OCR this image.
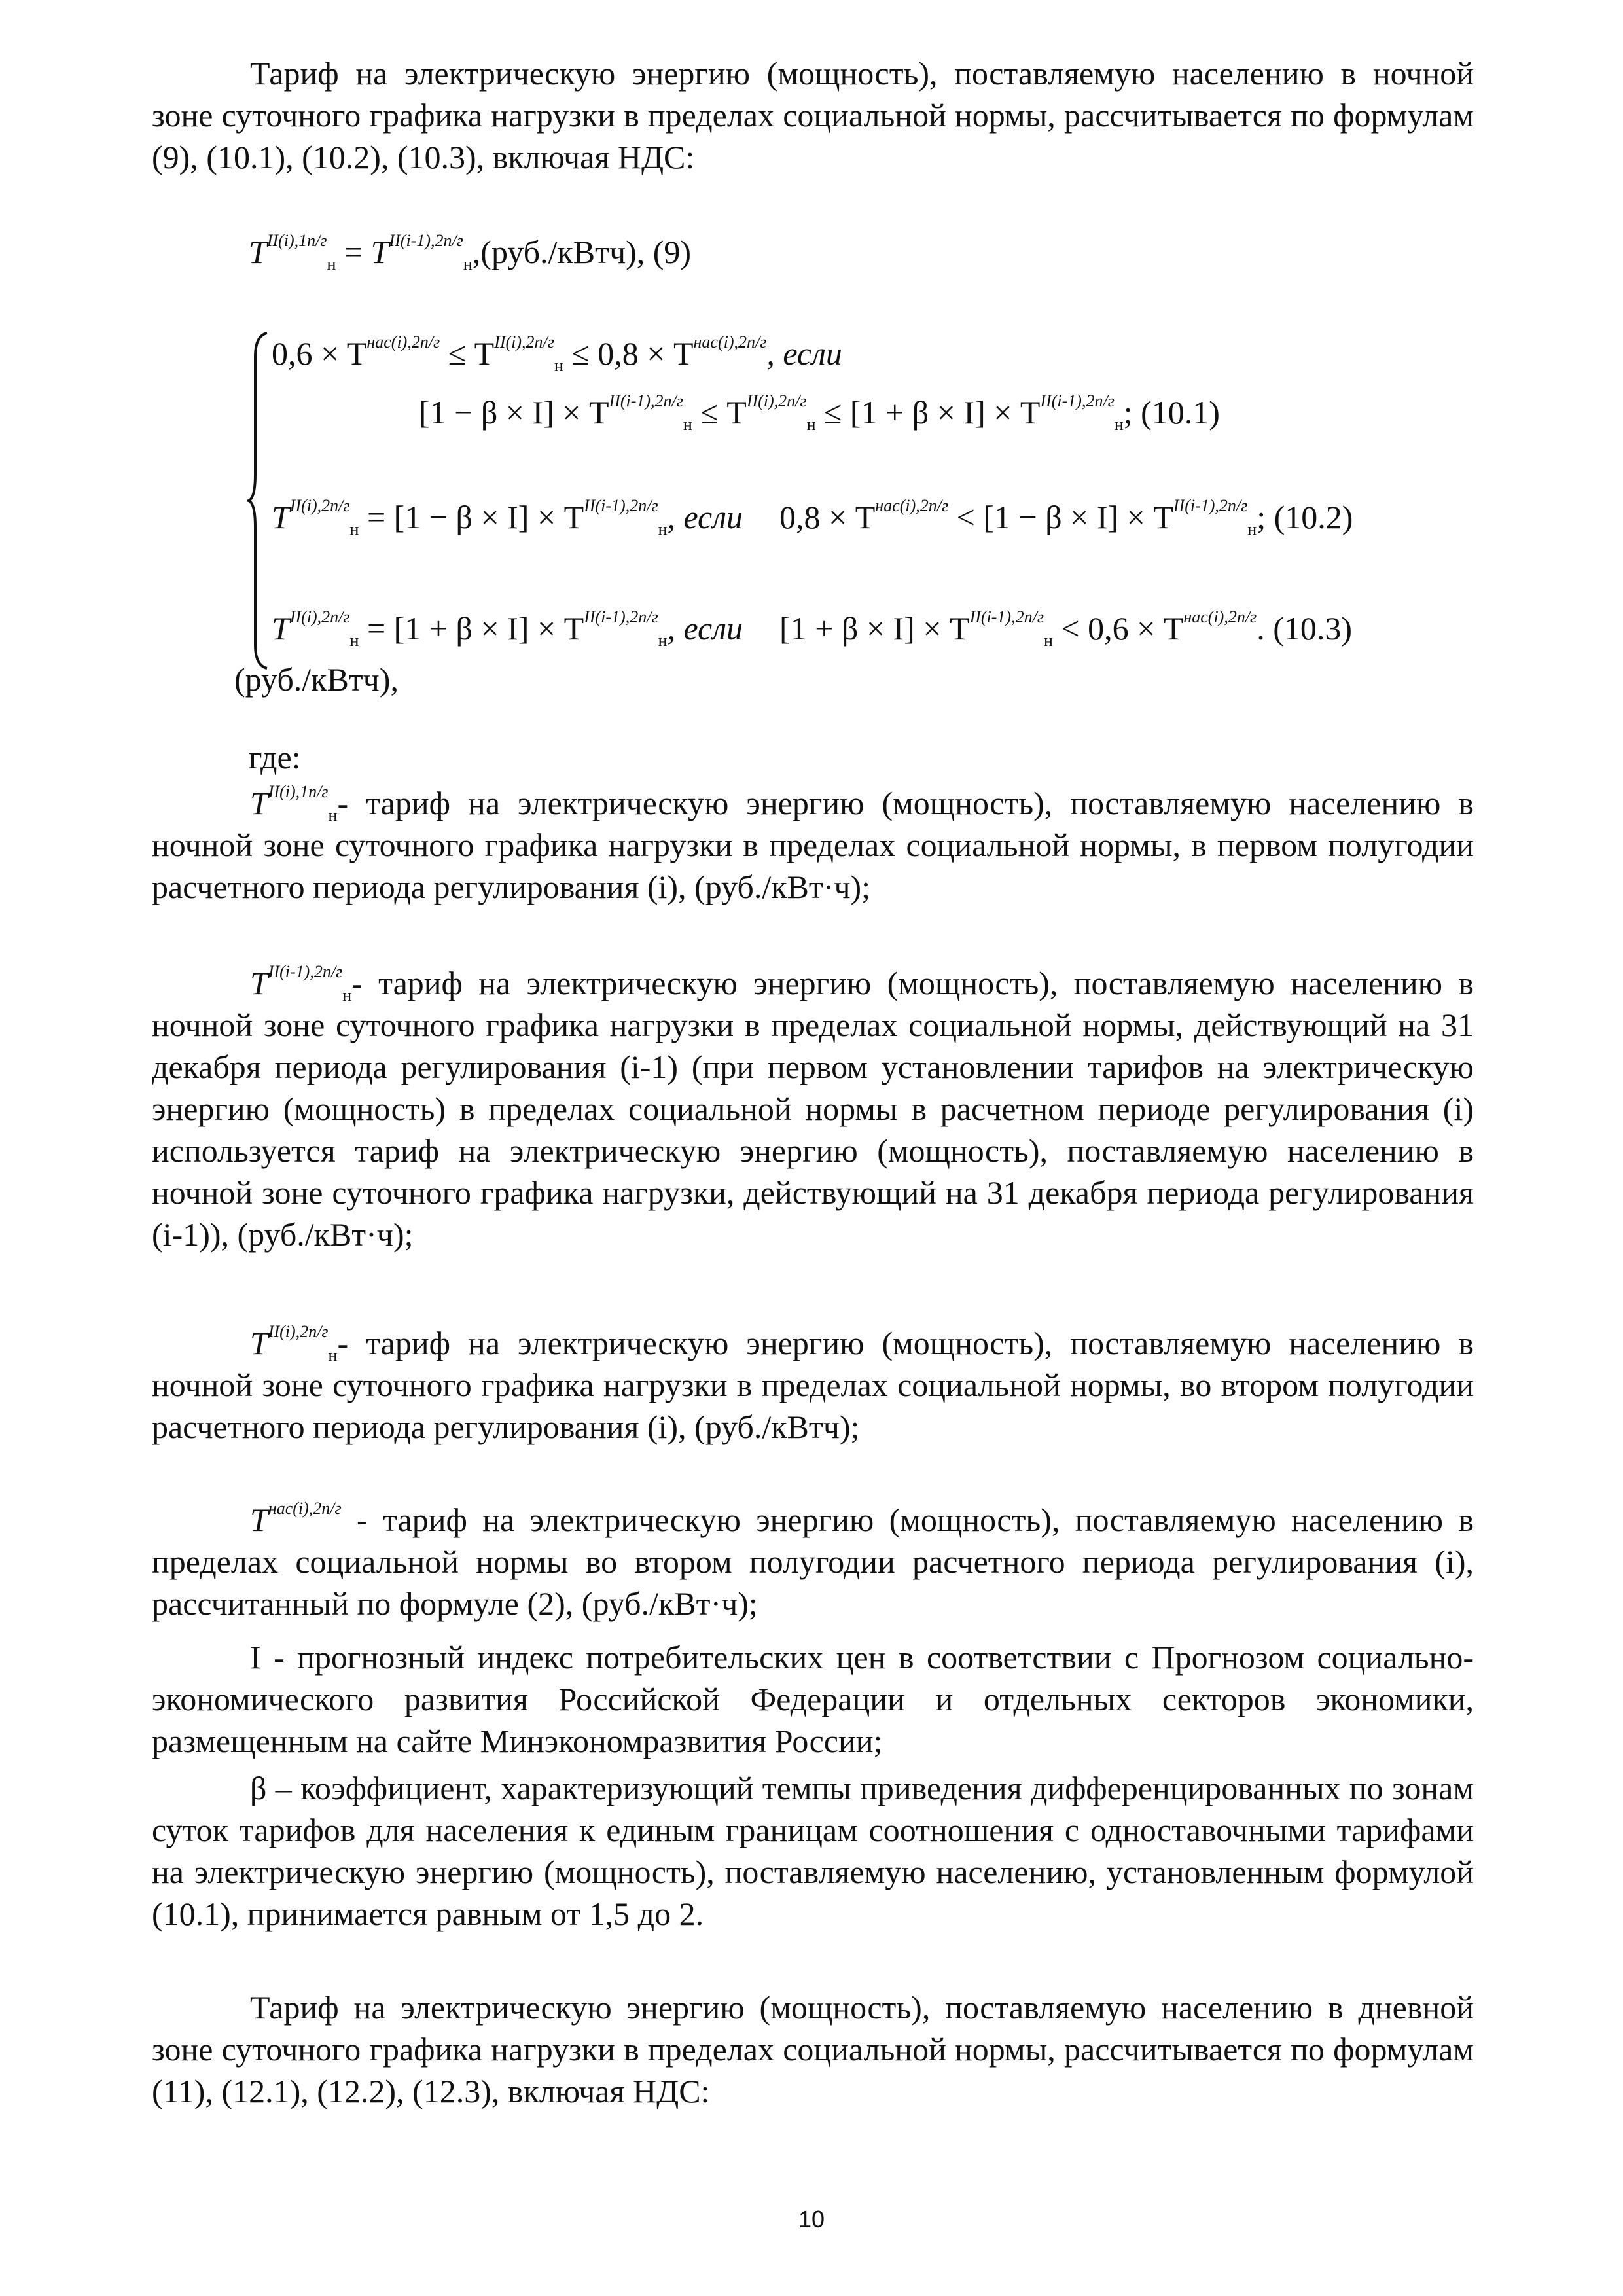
Тариф на электрическую энергию (мощность), поставляемую населению в ночной зоне суточного графика нагрузки в пределах социальной нормы, рассчитывается по формулам (9), (10.1), (10.2), (10.3), включая НДС:
$T^{II(i),1п/г}_н$ = $T^{II(i-1),2п/г}_н,(руб./кВтч)$, (9)
$0,6 \times T^{нас(i),2п/г} \le T^{II(i),2п/г}_н \le 0,8 \times T^{нас(i),2п/г}$, если
$[1 - \beta \times I] \times T^{II(i-1),2п/г}_н \le T^{II(i),2п/г}_н \le [1 + \beta \times I] \times T^{II(i-1),2п/г}_н$; (10.1)
$T^{II(i),2п/г}_н = [1 - \beta \times I] \times T^{II(i-1),2п/г}_н$, если $0,8 \times T^{нас(i),2п/г} < [1 - \beta \times I] \times T^{II(i-1),2п/г}_н$; (10.2)
$T^{II(i),2п/г}_н = [1 + \beta \times I] \times T^{II(i-1),2п/г}_н$, если $[1 + \beta \times I] \times T^{II(i-1),2п/г}_н < 0,6 \times T^{нас(i),2п/г}$. (10.3)
(руб./кВтч),
где:
$T^{II(i),1п/г}_н-$ тариф на электрическую энергию (мощность), поставляемую населению в ночной зоне суточного графика нагрузки в пределах социальной нормы, в первом полугодии расчетного периода регулирования (i), (руб./кВт·ч);
$T^{II(i-1),2п/г}_н-$ тариф на электрическую энергию (мощность), поставляемую населению в ночной зоне суточного графика нагрузки в пределах социальной нормы, действующий на 31 декабря периода регулирования (i-1) (при первом установлении тарифов на электрическую энергию (мощность) в пределах социальной нормы в расчетном периоде регулирования (i) используется тариф на электрическую энергию (мощность), поставляемую населению в ночной зоне суточного графика нагрузки, действующий на 31 декабря периода регулирования (i-1)), (руб./кВт·ч);
$T^{II(i),2п/г}_н-$ тариф на электрическую энергию (мощность), поставляемую населению в ночной зоне суточного графика нагрузки в пределах социальной нормы, во втором полугодии расчетного периода регулирования (i), (руб./кВтч);
$T^{нас(i),2п/г}$ - тариф на электрическую энергию (мощность), поставляемую населению в пределах социальной нормы во втором полугодии расчетного периода регулирования (i), рассчитанный по формуле (2), (руб./кВт·ч);
I - прогнозный индекс потребительских цен в соответствии с Прогнозом социально-экономического развития Российской Федерации и отдельных секторов экономики, размещенным на сайте Минэкономразвития России;
β – коэффициент, характеризующий темпы приведения дифференцированных по зонам суток тарифов для населения к единым границам соотношения с одноставочными тарифами на электрическую энергию (мощность), поставляемую населению, установленным формулой (10.1), принимается равным от 1,5 до 2.
Тариф на электрическую энергию (мощность), поставляемую населению в дневной зоне суточного графика нагрузки в пределах социальной нормы, рассчитывается по формулам (11), (12.1), (12.2), (12.3), включая НДС:
10
